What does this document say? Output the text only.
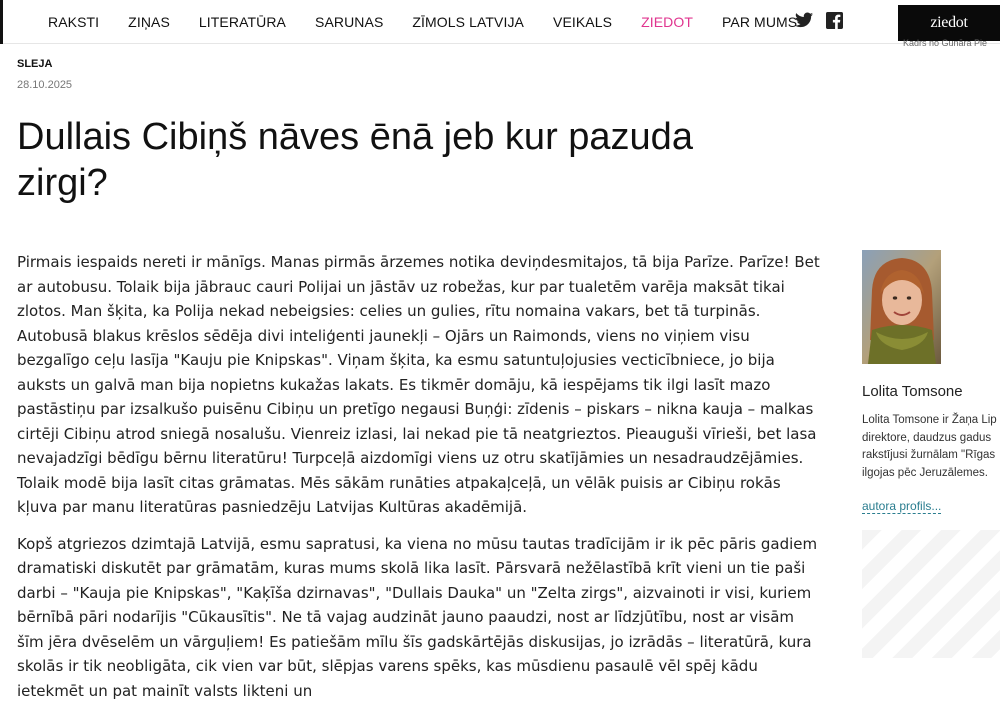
RAKSTI ZIŅAS LITERATŪRA SARUNAS ZĪMOLS LATVIJA VEIKALS ZIEDOT PAR MUMS	ziedot
Kadrs no Gunāra Pie
SLEJA
28.10.2025
Dullais Cibiņš nāves ēnā jeb kur pazuda zirgi?

Pirmais iespaids nereti ir mānīgs. Manas pirmās ārzemes notika deviņdesmitajos, tā bija Parīze. Parīze! Bet ar autobusu. Tolaik bija jābrauc cauri Polijai un jāstāv uz robežas, kur par tualetēm varēja maksāt tikai zlotos. Man šķita, ka Polija nekad nebeigsies: celies un gulies, rītu nomaina vakars, bet tā turpinās. Autobusā blakus krēslos sēdēja divi inteliģenti jaunekļi – Ojārs un Raimonds, viens no viņiem visu bezgalīgo ceļu lasīja "Kauju pie Knipskas". Viņam šķita, ka esmu satuntuļojusies vecticībniece, jo bija auksts un galvā man bija nopietns kukažas lakats. Es tikmēr domāju, kā iespējams tik ilgi lasīt mazo pastāstiņu par izsalkušo puisēnu Cibiņu un pretīgo negausi Buņģi: zīdenis – piskars – nikna kauja – malkas cirtēji Cibiņu atrod sniegā nosalušu. Vienreiz izlasi, lai nekad pie tā neatgrieztos. Pieauguši vīrieši, bet lasa nevajadzīgi bēdīgu bērnu literatūru! Turpceļā aizdomīgi viens uz otru skatījāmies un nesadraudzējāmies. Tolaik modē bija lasīt citas grāmatas. Mēs sākām runāties atpakaļceļā, un vēlāk puisis ar Cibiņu rokās kļuva par manu literatūras pasniedzēju Latvijas Kultūras akadēmijā.

Kopš atgriezos dzimtajā Latvijā, esmu sapratusi, ka viena no mūsu tautas tradīcijām ir ik pēc pāris gadiem dramatiski diskutēt par grāmatām, kuras mums skolā lika lasīt. Pārsvarā nežēlastībā krīt vieni un tie paši darbi – "Kauja pie Knipskas", "Kaķīša dzirnavas", "Dullais Dauka" un "Zelta zirgs", aizvainoti ir visi, kuriem bērnībā pāri nodarījis "Cūkausītis". Ne tā vajag audzināt jauno paaudzi, nost ar līdzjūtību, nost ar visām šīm jēra dvēselēm un vārguļiem! Es patiešām mīlu šīs gadskārtējās diskusijas, jo izrādās – literatūrā, kura skolās ir tik neobligāta, cik vien var būt, slēpjas varens spēks, kas mūsdienu pasaulē vēl spēj kādu ietekmēt un pat mainīt valsts likteni un

Lolita Tomsone
Lolita Tomsone ir Žaņa Lip
direktore, daudzus gadus
rakstījusi žurnālam "Rīgas
ilgojas pēc Jeruzālemes.
autora profils...
